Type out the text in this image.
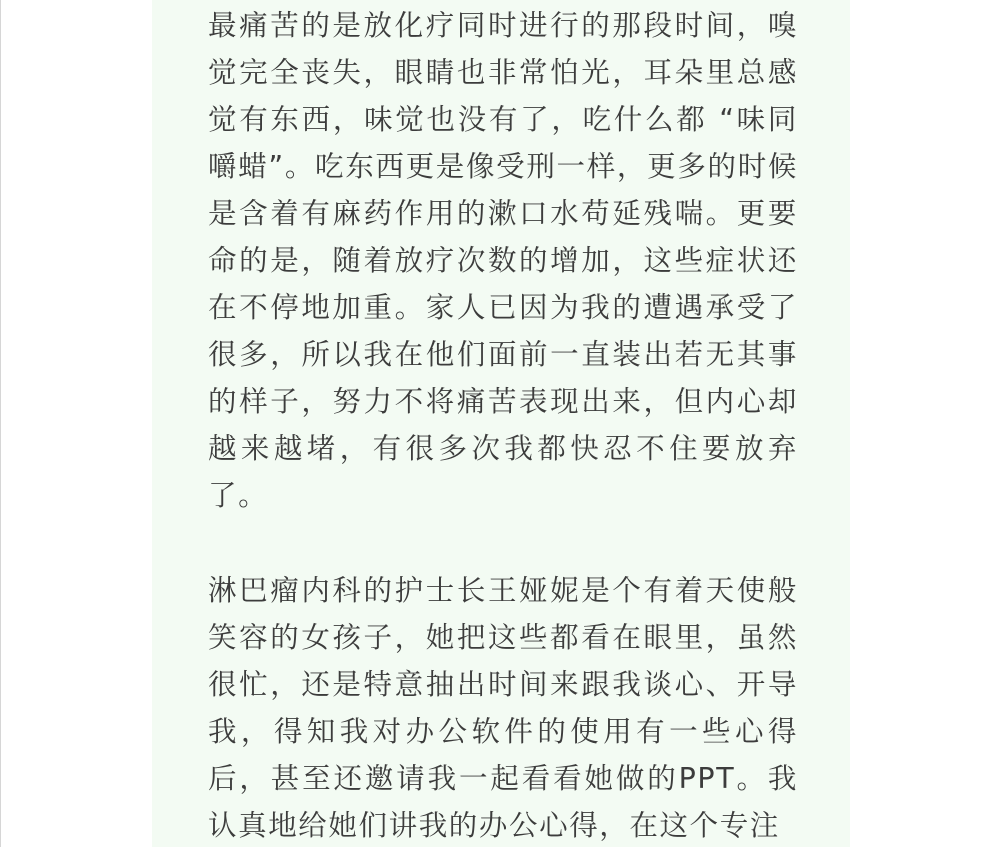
最痛苦的是放化疗同时进行的那段时间，嗅觉完全丧失，眼睛也非常怕光，耳朵里总感觉有东西，味觉也没有了，吃什么都 “味同嚼蜡”。吃东西更是像受刑一样，更多的时候是含着有麻药作用的漱口水苟延残喘。更要命的是，随着放疗次数的增加，这些症状还在不停地加重。家人已因为我的遭遇承受了很多，所以我在他们面前一直装出若无其事的样子，努力不将痛苦表现出来，但内心却越来越堵，有很多次我都快忍不住要放弃了。

淋巴瘤内科的护士长王娅妮是个有着天使般笑容的女孩子，她把这些都看在眼里，虽然很忙，还是特意抽出时间来跟我谈心、开导我，得知我对办公软件的使用有一些心得后，甚至还邀请我一起看看她做的PPT。我认真地给她们讲我的办公心得，在这个专注
